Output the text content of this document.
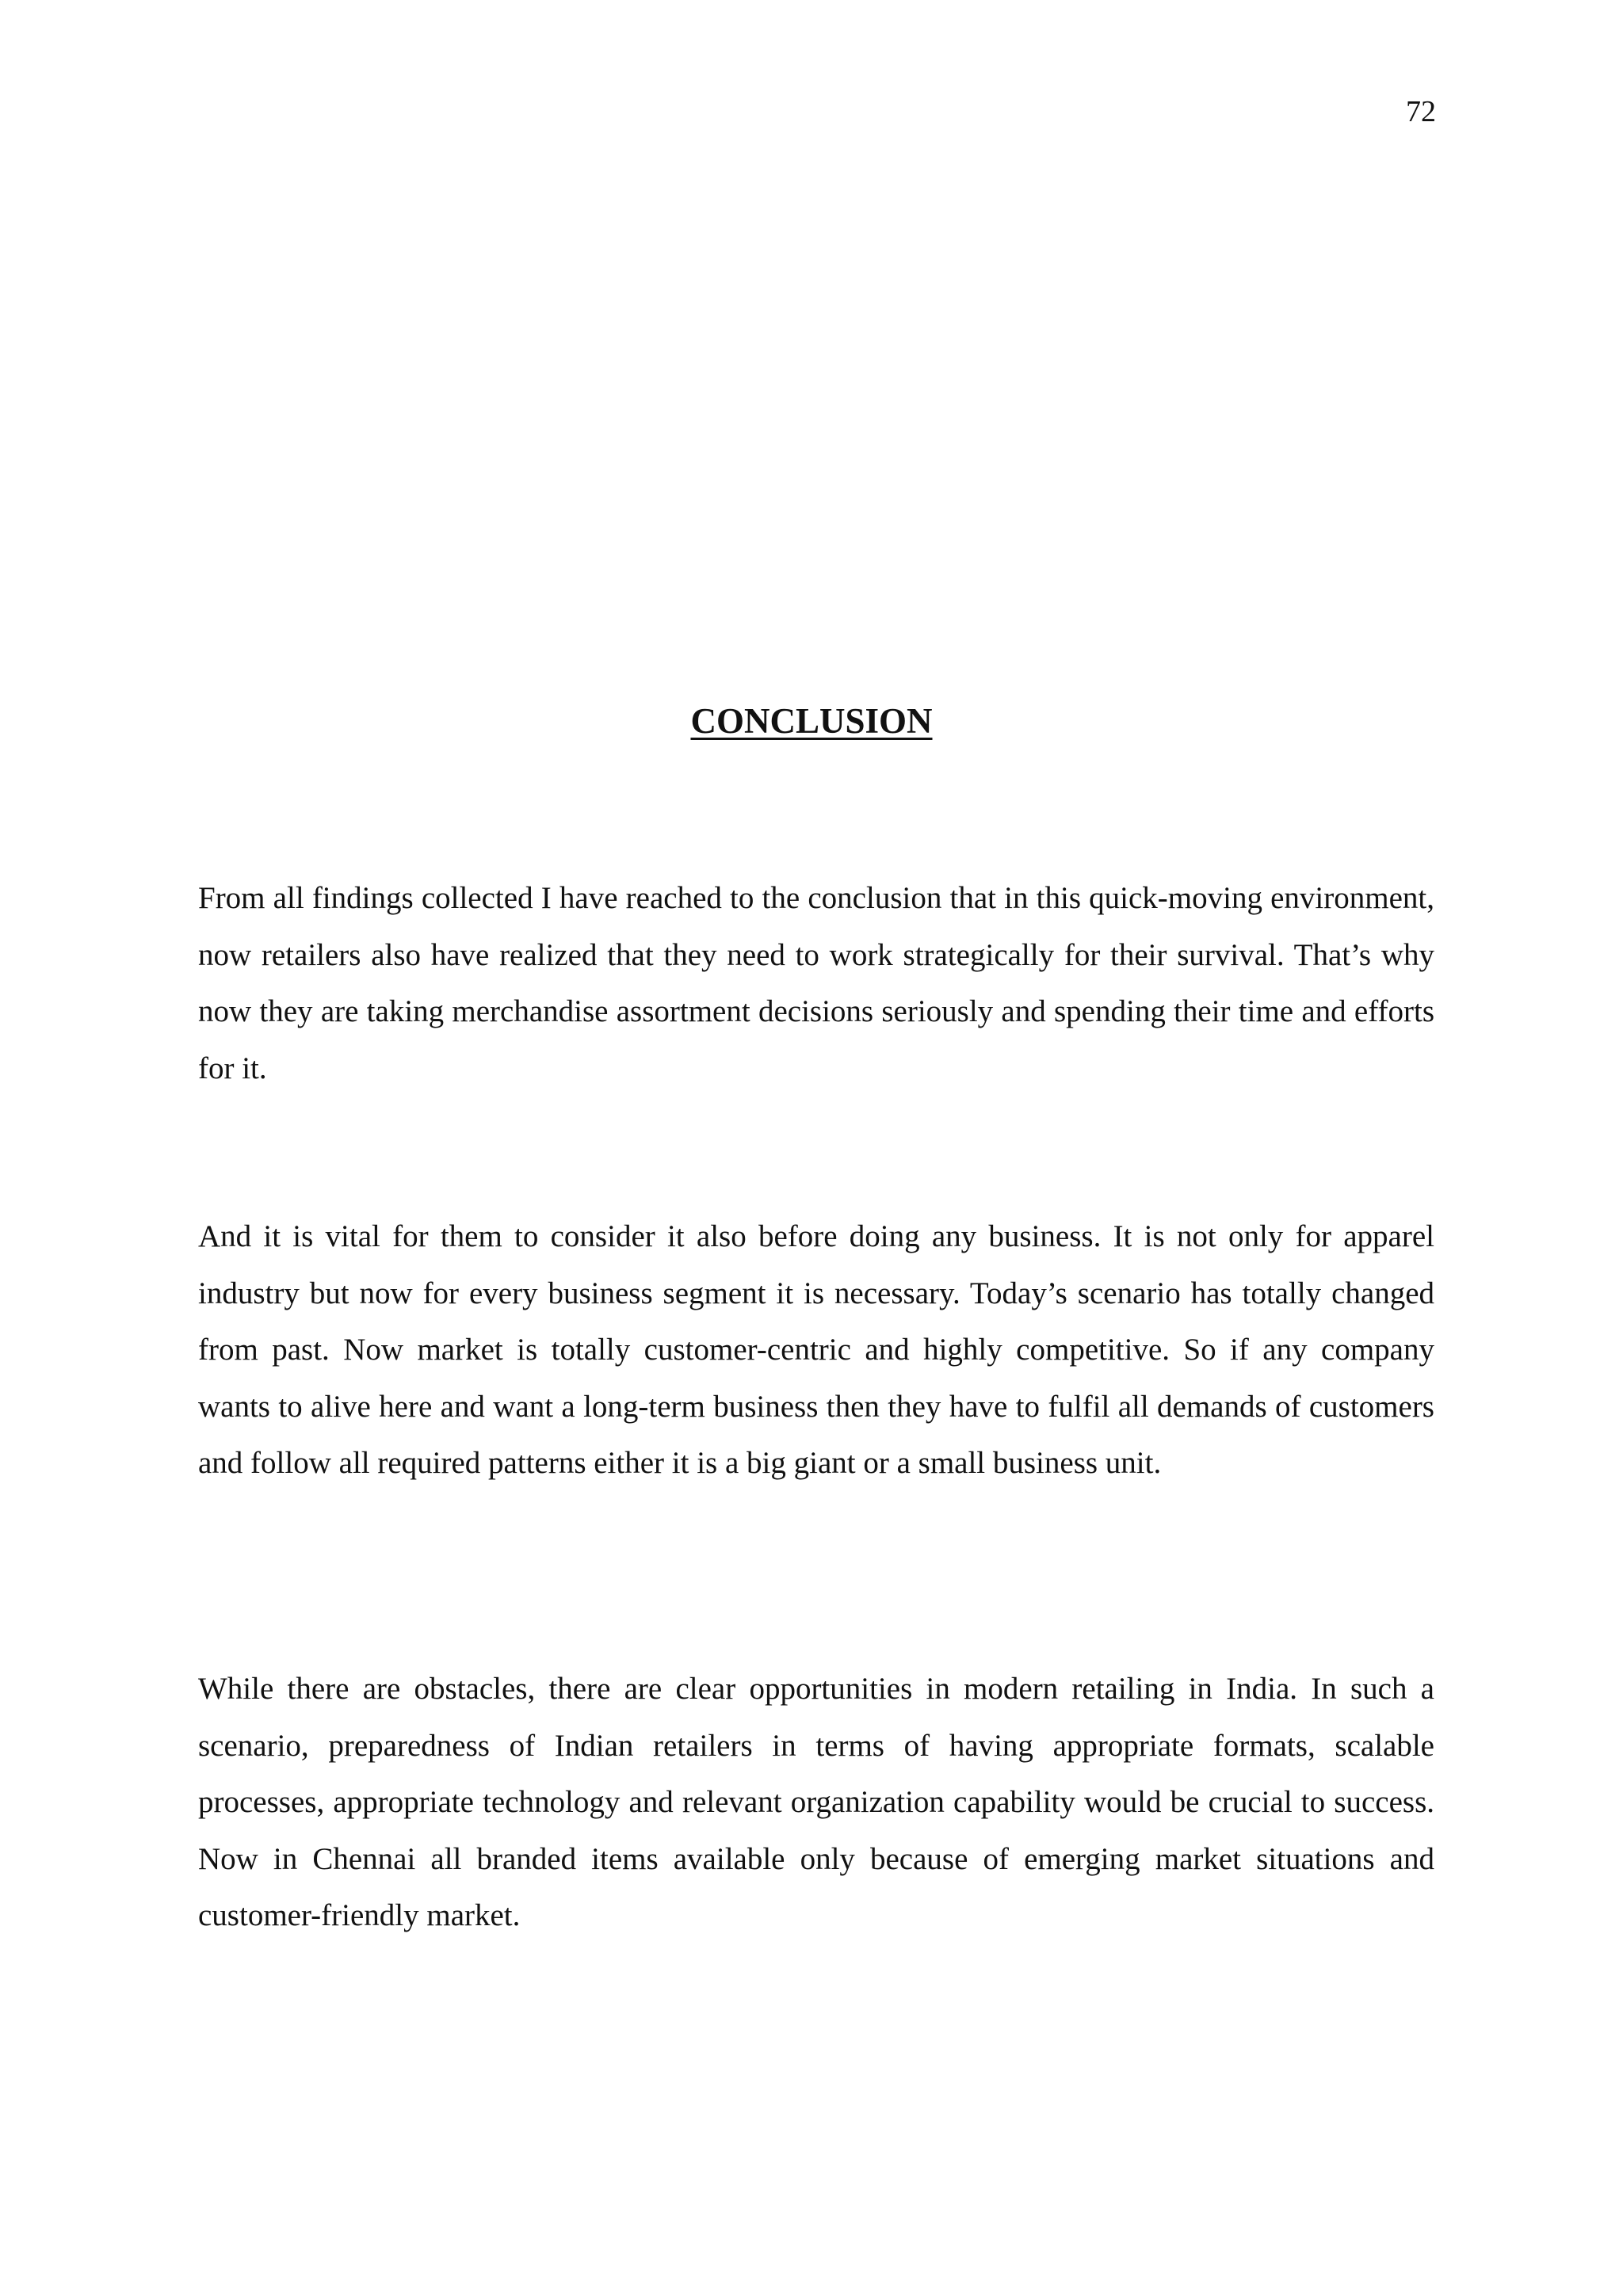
72
CONCLUSION

From all findings collected I have reached to the conclusion that in this quick-moving environment, now retailers also have realized that they need to work strategically for their survival. That’s why now they are taking merchandise assortment decisions seriously and spending their time and efforts for it.

And it is vital for them to consider it also before doing any business. It is not only for apparel industry but now for every business segment it is necessary. Today’s scenario has totally changed from past. Now market is totally customer-centric and highly competitive. So if any company wants to alive here and want a long-term business then they have to fulfil all demands of customers and follow all required patterns either it is a big giant or a small business unit.

While there are obstacles, there are clear opportunities in modern retailing in India. In such a scenario, preparedness of Indian retailers in terms of having appropriate formats, scalable processes, appropriate technology and relevant organization capability would be crucial to success. Now in Chennai all branded items available only because of emerging market situations and customer-friendly market.
